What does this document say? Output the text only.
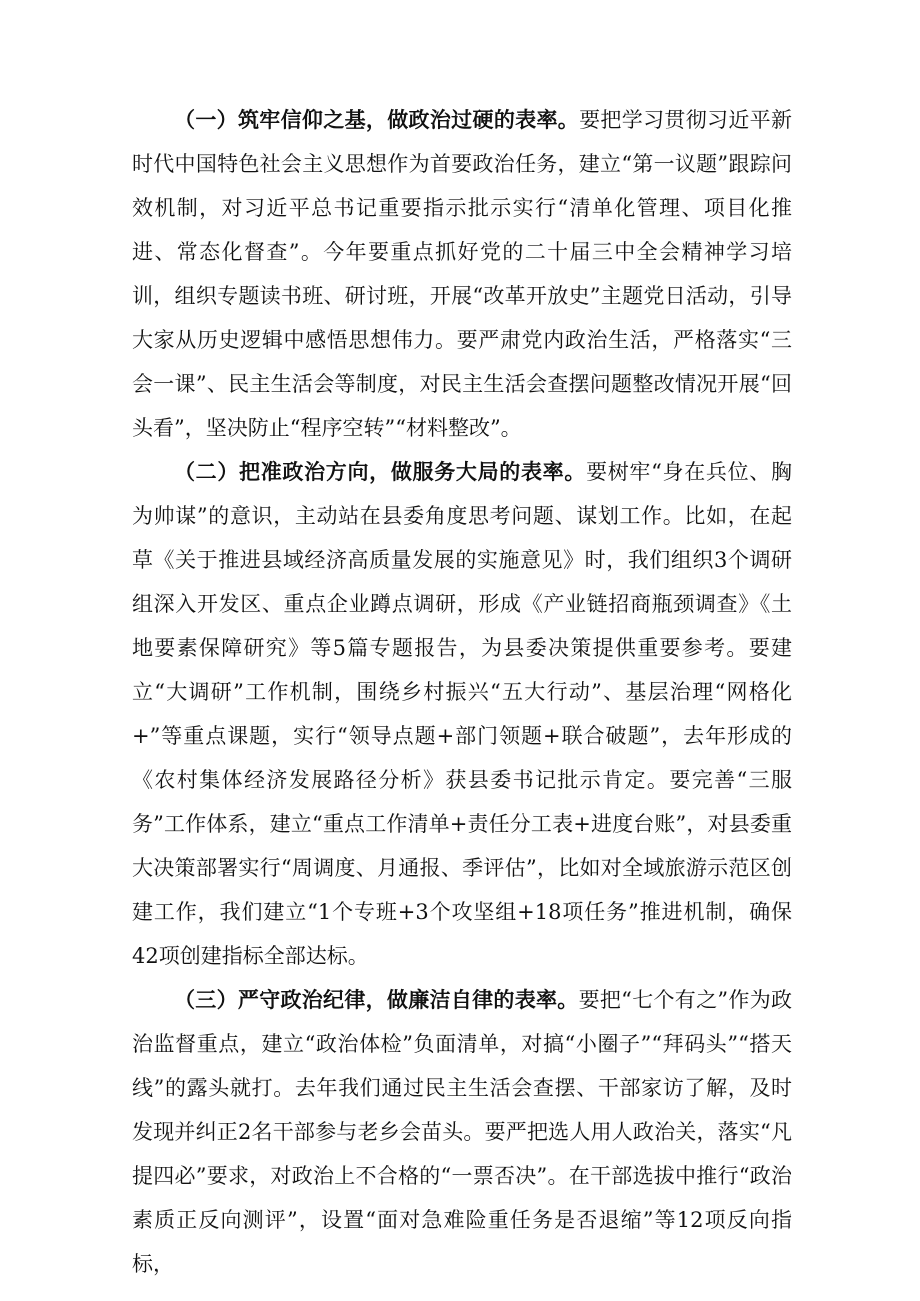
（一）筑牢信仰之基，做政治过硬的表率。要把学习贯彻习近平新时代中国特色社会主义思想作为首要政治任务，建立“第一议题”跟踪问效机制，对习近平总书记重要指示批示实行“清单化管理、项目化推进、常态化督查”。今年要重点抓好党的二十届三中全会精神学习培训，组织专题读书班、研讨班，开展“改革开放史”主题党日活动，引导大家从历史逻辑中感悟思想伟力。要严肃党内政治生活，严格落实“三会一课”、民主生活会等制度，对民主生活会查摆问题整改情况开展“回头看”，坚决防止“程序空转”“材料整改”。

（二）把准政治方向，做服务大局的表率。要树牢“身在兵位、胸为帅谋”的意识，主动站在县委角度思考问题、谋划工作。比如，在起草《关于推进县域经济高质量发展的实施意见》时，我们组织3个调研组深入开发区、重点企业蹲点调研，形成《产业链招商瓶颈调查》《土地要素保障研究》等5篇专题报告，为县委决策提供重要参考。要建立“大调研”工作机制，围绕乡村振兴“五大行动”、基层治理“网格化+”等重点课题，实行“领导点题+部门领题+联合破题”，去年形成的《农村集体经济发展路径分析》获县委书记批示肯定。要完善“三服务”工作体系，建立“重点工作清单+责任分工表+进度台账”，对县委重大决策部署实行“周调度、月通报、季评估”，比如对全域旅游示范区创建工作，我们建立“1个专班+3个攻坚组+18项任务”推进机制，确保42项创建指标全部达标。

（三）严守政治纪律，做廉洁自律的表率。要把“七个有之”作为政治监督重点，建立“政治体检”负面清单，对搞“小圈子”“拜码头”“搭天线”的露头就打。去年我们通过民主生活会查摆、干部家访了解，及时发现并纠正2名干部参与老乡会苗头。要严把选人用人政治关，落实“凡提四必”要求，对政治上不合格的“一票否决”。在干部选拔中推行“政治素质正反向测评”，设置“面对急难险重任务是否退缩”等12项反向指标，
